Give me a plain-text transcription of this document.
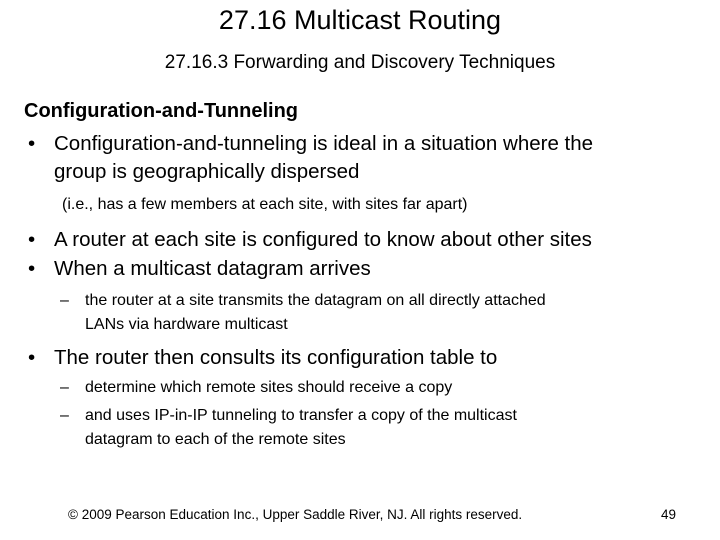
27.16 Multicast Routing
27.16.3 Forwarding and Discovery Techniques
Configuration-and-Tunneling
• Configuration-and-tunneling is ideal in a situation where the
group is geographically dispersed
(i.e., has a few members at each site, with sites far apart)
• A router at each site is configured to know about other sites
• When a multicast datagram arrives
– the router at a site transmits the datagram on all directly attached
LANs via hardware multicast
• The router then consults its configuration table to
– determine which remote sites should receive a copy
– and uses IP-in-IP tunneling to transfer a copy of the multicast
datagram to each of the remote sites
© 2009 Pearson Education Inc., Upper Saddle River, NJ. All rights reserved.	49
